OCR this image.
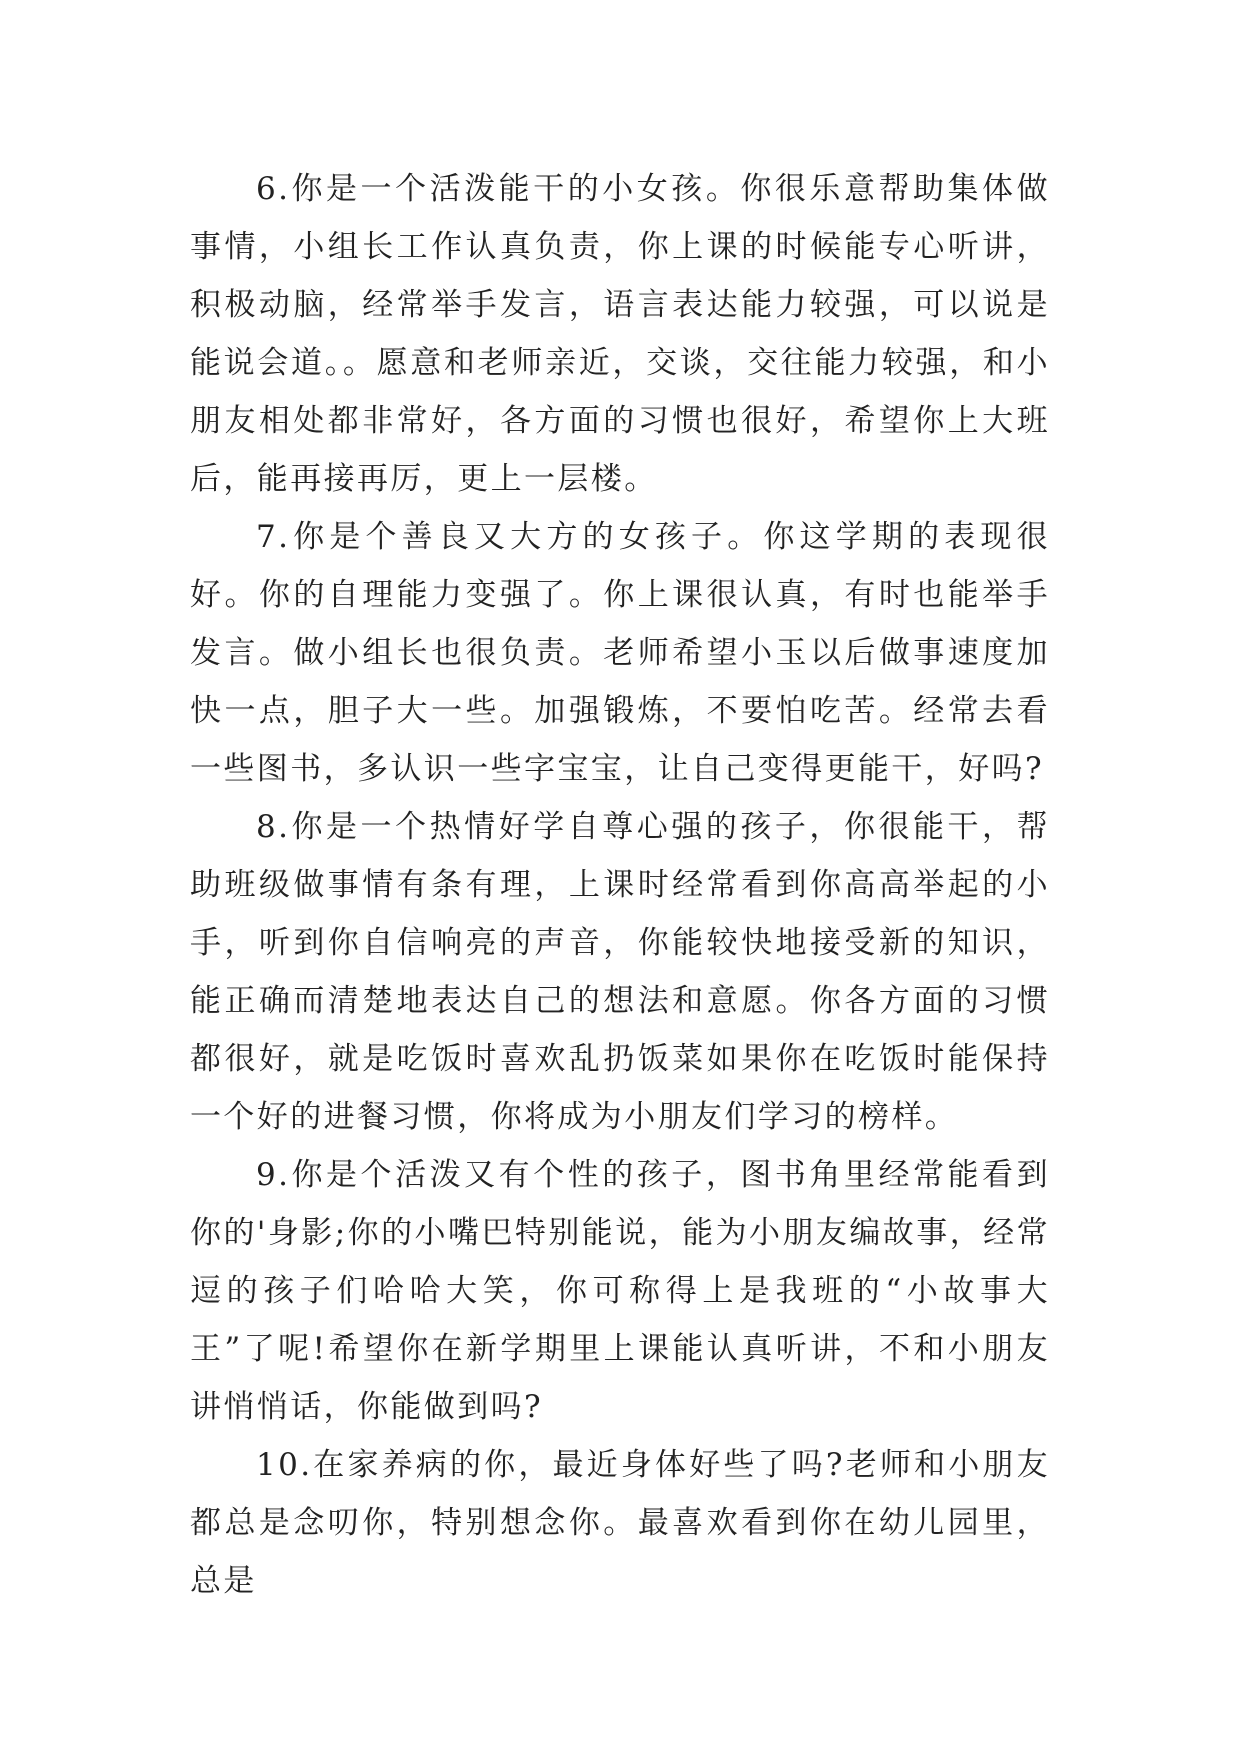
6.你是一个活泼能干的小女孩。你很乐意帮助集体做事情，小组长工作认真负责，你上课的时候能专心听讲，积极动脑，经常举手发言，语言表达能力较强，可以说是能说会道。。愿意和老师亲近，交谈，交往能力较强，和小朋友相处都非常好，各方面的习惯也很好，希望你上大班后，能再接再厉，更上一层楼。

7.你是个善良又大方的女孩子。你这学期的表现很好。你的自理能力变强了。你上课很认真，有时也能举手发言。做小组长也很负责。老师希望小玉以后做事速度加快一点，胆子大一些。加强锻炼，不要怕吃苦。经常去看一些图书，多认识一些字宝宝，让自己变得更能干，好吗?

8.你是一个热情好学自尊心强的孩子，你很能干，帮助班级做事情有条有理，上课时经常看到你高高举起的小手，听到你自信响亮的声音，你能较快地接受新的知识，能正确而清楚地表达自己的想法和意愿。你各方面的习惯都很好，就是吃饭时喜欢乱扔饭菜如果你在吃饭时能保持一个好的进餐习惯，你将成为小朋友们学习的榜样。

9.你是个活泼又有个性的孩子，图书角里经常能看到你的'身影;你的小嘴巴特别能说，能为小朋友编故事，经常逗的孩子们哈哈大笑，你可称得上是我班的“小故事大王”了呢!希望你在新学期里上课能认真听讲，不和小朋友讲悄悄话，你能做到吗?

10.在家养病的你，最近身体好些了吗?老师和小朋友都总是念叨你，特别想念你。最喜欢看到你在幼儿园里，总是
